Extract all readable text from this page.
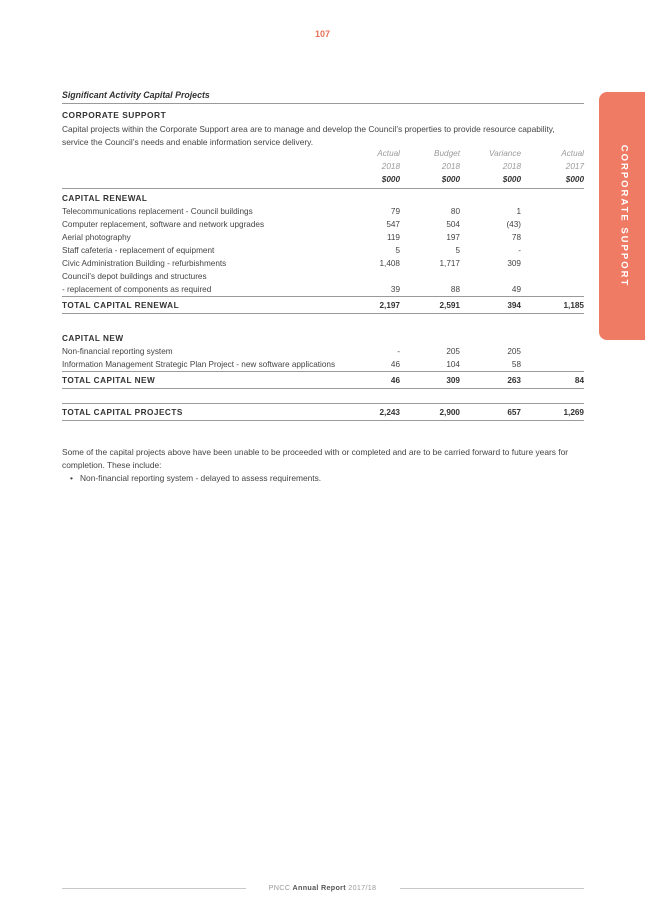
107
CORPORATE SUPPORT
Significant Activity Capital Projects
CORPORATE SUPPORT
Capital projects within the Corporate Support area are to manage and develop the Council’s properties to provide resource capability, service the Council’s needs and enable information service delivery.
	Actual	Budget	Variance	Actual
	2018	2018	2018	2017
	$000	$000	$000	$000
CAPITAL RENEWAL				
Telecommunications replacement - Council buildings	79	80	1	
Computer replacement, software and network upgrades	547	504	(43)	
Aerial photography	119	197	78	
Staff cafeteria - replacement of equipment	5	5	-	
Civic Administration Building - refurbishments	1,408	1,717	309	
Council’s depot buildings and structures				
- replacement of components as required	39	88	49	
TOTAL CAPITAL RENEWAL	2,197	2,591	394	1,185

CAPITAL NEW				
Non-financial reporting system	-	205	205	
Information Management Strategic Plan Project - new software applications	46	104	58	
TOTAL CAPITAL NEW	46	309	263	84

TOTAL CAPITAL PROJECTS	2,243	2,900	657	1,269
Some of the capital projects above have been unable to be proceeded with or completed and are to be carried forward to future years for completion. These include:
• Non-financial reporting system - delayed to assess requirements.
PNCC Annual Report 2017/18
